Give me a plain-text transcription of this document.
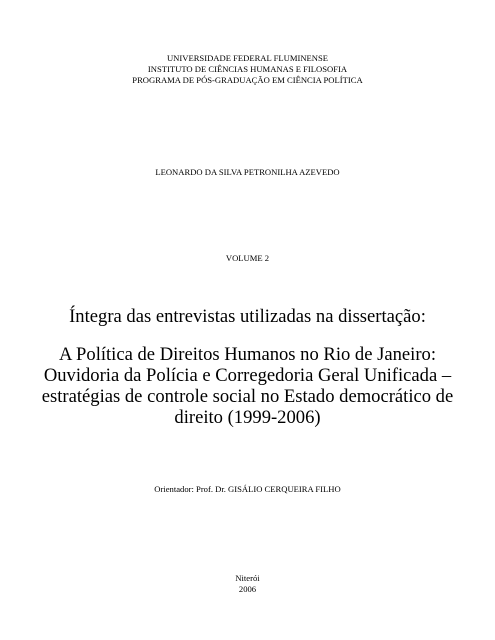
UNIVERSIDADE FEDERAL FLUMINENSE
INSTITUTO DE CIÊNCIAS HUMANAS E FILOSOFIA
PROGRAMA DE PÓS-GRADUAÇÃO EM CIÊNCIA POLÍTICA
LEONARDO DA SILVA PETRONILHA AZEVEDO
VOLUME 2
Íntegra das entrevistas utilizadas na dissertação:
A Política de Direitos Humanos no Rio de Janeiro:
Ouvidoria da Polícia e Corregedoria Geral Unificada –
estratégias de controle social no Estado democrático de
direito (1999-2006)
Orientador: Prof. Dr. GISÁLIO CERQUEIRA FILHO
Niterói
2006
